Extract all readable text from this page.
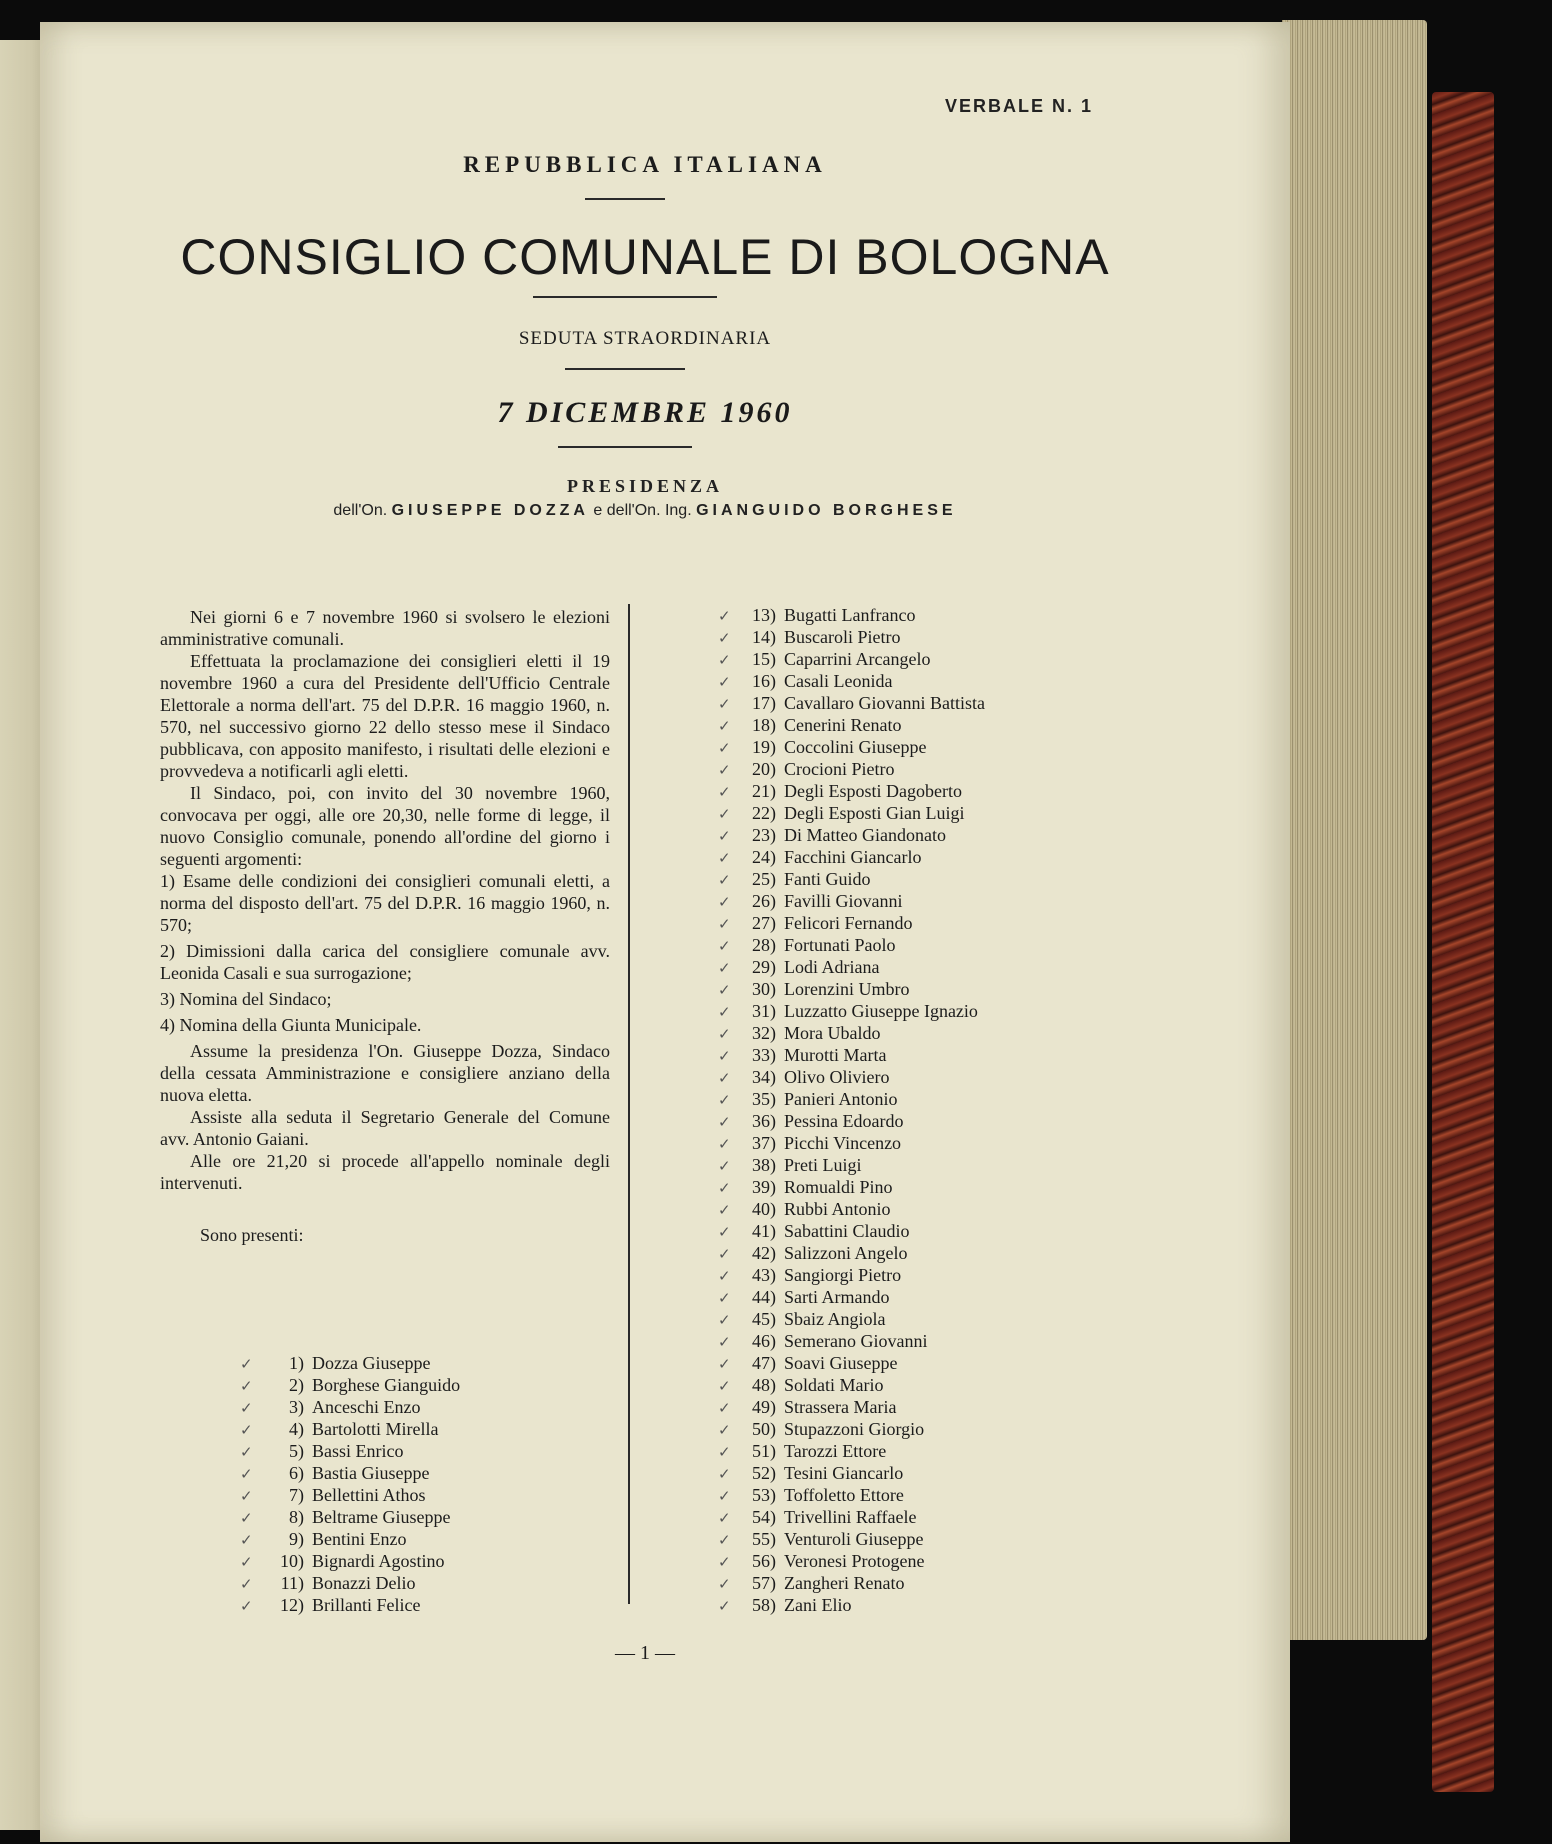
VERBALE N. 1
REPUBBLICA ITALIANA
CONSIGLIO COMUNALE DI BOLOGNA
SEDUTA STRAORDINARIA
7 DICEMBRE 1960
PRESIDENZA
dell'On. GIUSEPPE DOZZA e dell'On. Ing. GIANGUIDO BORGHESE

Nei giorni 6 e 7 novembre 1960 si svolsero le elezioni amministrative comunali.

Effettuata la proclamazione dei consiglieri eletti il 19 novembre 1960 a cura del Presidente dell'Ufficio Centrale Elettorale a norma dell'art. 75 del D.P.R. 16 maggio 1960, n. 570, nel successivo giorno 22 dello stesso mese il Sindaco pubblicava, con apposito manifesto, i risultati delle elezioni e provvedeva a notificarli agli eletti.

Il Sindaco, poi, con invito del 30 novembre 1960, convocava per oggi, alle ore 20,30, nelle forme di legge, il nuovo Consiglio comunale, ponendo all'ordine del giorno i seguenti argomenti:

1) Esame delle condizioni dei consiglieri comunali eletti, a norma del disposto dell'art. 75 del D.P.R. 16 maggio 1960, n. 570;
2) Dimissioni dalla carica del consigliere comunale avv. Leonida Casali e sua surrogazione;
3) Nomina del Sindaco;
4) Nomina della Giunta Municipale.

Assume la presidenza l'On. Giuseppe Dozza, Sindaco della cessata Amministrazione e consigliere anziano della nuova eletta.

Assiste alla seduta il Segretario Generale del Comune avv. Antonio Gaiani.

Alle ore 21,20 si procede all'appello nominale degli intervenuti.

Sono presenti:

✓ 1) Dozza Giuseppe
✓ 2) Borghese Gianguido
✓ 3) Anceschi Enzo
✓ 4) Bartolotti Mirella
✓ 5) Bassi Enrico
✓ 6) Bastia Giuseppe
✓ 7) Bellettini Athos
✓ 8) Beltrame Giuseppe
✓ 9) Bentini Enzo
✓ 10) Bignardi Agostino
✓ 11) Bonazzi Delio
✓ 12) Brillanti Felice
✓ 13) Bugatti Lanfranco
✓ 14) Buscaroli Pietro
✓ 15) Caparrini Arcangelo
✓ 16) Casali Leonida
✓ 17) Cavallaro Giovanni Battista
✓ 18) Cenerini Renato
✓ 19) Coccolini Giuseppe
✓ 20) Crocioni Pietro
✓ 21) Degli Esposti Dagoberto
✓ 22) Degli Esposti Gian Luigi
✓ 23) Di Matteo Giandonato
✓ 24) Facchini Giancarlo
✓ 25) Fanti Guido
✓ 26) Favilli Giovanni
✓ 27) Felicori Fernando
✓ 28) Fortunati Paolo
✓ 29) Lodi Adriana
✓ 30) Lorenzini Umbro
✓ 31) Luzzatto Giuseppe Ignazio
✓ 32) Mora Ubaldo
✓ 33) Murotti Marta
✓ 34) Olivo Oliviero
✓ 35) Panieri Antonio
✓ 36) Pessina Edoardo
✓ 37) Picchi Vincenzo
✓ 38) Preti Luigi
✓ 39) Romualdi Pino
✓ 40) Rubbi Antonio
✓ 41) Sabattini Claudio
✓ 42) Salizzoni Angelo
✓ 43) Sangiorgi Pietro
✓ 44) Sarti Armando
✓ 45) Sbaiz Angiola
✓ 46) Semerano Giovanni
✓ 47) Soavi Giuseppe
✓ 48) Soldati Mario
✓ 49) Strassera Maria
✓ 50) Stupazzoni Giorgio
✓ 51) Tarozzi Ettore
✓ 52) Tesini Giancarlo
✓ 53) Toffoletto Ettore
✓ 54) Trivellini Raffaele
✓ 55) Venturoli Giuseppe
✓ 56) Veronesi Protogene
✓ 57) Zangheri Renato
✓ 58) Zani Elio
— 1 —
